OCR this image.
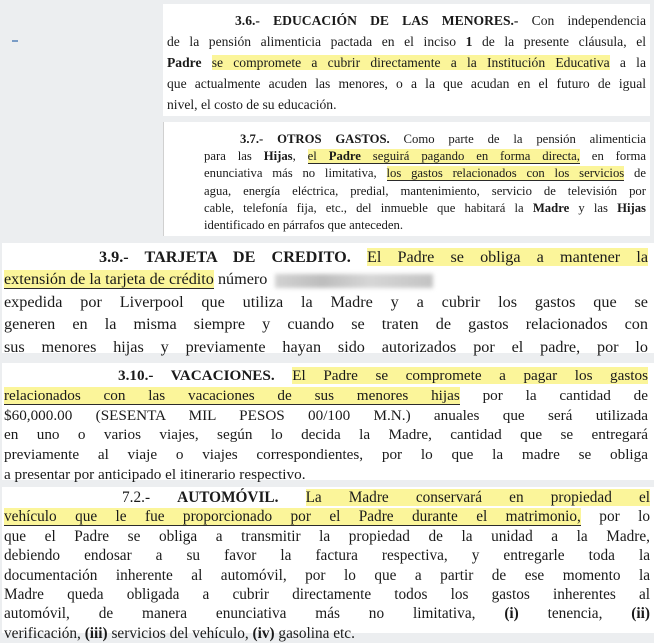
3.6.- EDUCACIÓN DE LAS MENORES.- Con independencia
de la pensión alimenticia pactada en el inciso 1 de la presente cláusula, el
Padre se compromete a cubrir directamente a la Institución Educativa a la
que actualmente acuden las menores, o a la que acudan en el futuro de igual
nivel, el costo de su educación.
3.7.- OTROS GASTOS. Como parte de la pensión alimenticia
para las Hijas, el Padre seguirá pagando en forma directa, en forma
enunciativa más no limitativa, los gastos relacionados con los servicios de
agua, energía eléctrica, predial, mantenimiento, servicio de televisión por
cable, telefonía fija, etc., del inmueble que habitará la Madre y las Hijas
identificado en párrafos que anteceden.
3.9.- TARJETA DE CREDITO. El Padre se obliga a mantener la
extensión de la tarjeta de crédito número
expedida por Liverpool que utiliza la Madre y a cubrir los gastos que se
generen en la misma siempre y cuando se traten de gastos relacionados con
sus menores hijas y previamente hayan sido autorizados por el padre, por lo
3.10.- VACACIONES. El Padre se compromete a pagar los gastos
relacionados con las vacaciones de sus menores hijas por la cantidad de
$60,000.00 (SESENTA MIL PESOS 00/100 M.N.) anuales que será utilizada
en uno o varios viajes, según lo decida la Madre, cantidad que se entregará
previamente al viaje o viajes correspondientes, por lo que la madre se obliga
a presentar por anticipado el itinerario respectivo.
7.2.- AUTOMÓVIL. La Madre conservará en propiedad el
vehículo que le fue proporcionado por el Padre durante el matrimonio, por lo
que el Padre se obliga a transmitir la propiedad de la unidad a la Madre,
debiendo endosar a su favor la factura respectiva, y entregarle toda la
documentación inherente al automóvil, por lo que a partir de ese momento la
Madre queda obligada a cubrir directamente todos los gastos inherentes al
automóvil, de manera enunciativa más no limitativa, (i) tenencia, (ii)
verificación, (iii) servicios del vehículo, (iv) gasolina etc.
